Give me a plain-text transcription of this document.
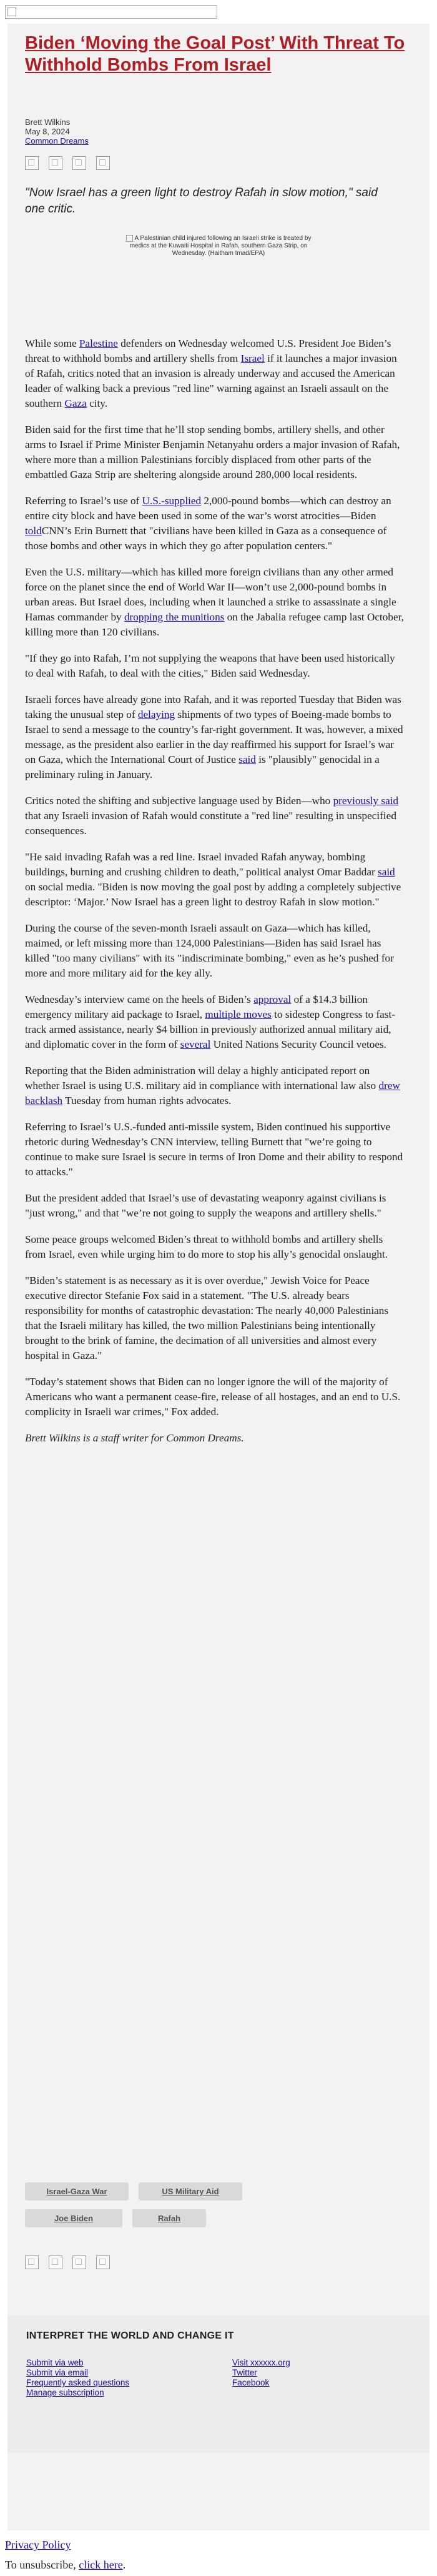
Biden ‘Moving the Goal Post’ With Threat To Withhold Bombs From Israel
Brett Wilkins
May 8, 2024
Common Dreams
"Now Israel has a green light to destroy Rafah in slow motion," said one critic.
A Palestinian child injured following an Israeli strike is treated by medics at the Kuwaiti Hospital in Rafah, southern Gaza Strip, on Wednesday. (Haitham Imad/EPA)

While some Palestine defenders on Wednesday welcomed U.S. President Joe Biden’s threat to withhold bombs and artillery shells from Israel if it launches a major invasion of Rafah, critics noted that an invasion is already underway and accused the American leader of walking back a previous "red line" warning against an Israeli assault on the southern Gaza city.

Biden said for the first time that he’ll stop sending bombs, artillery shells, and other arms to Israel if Prime Minister Benjamin Netanyahu orders a major invasion of Rafah, where more than a million Palestinians forcibly displaced from other parts of the embattled Gaza Strip are sheltering alongside around 280,000 local residents.

Referring to Israel’s use of U.S.-supplied 2,000-pound bombs—which can destroy an entire city block and have been used in some of the war’s worst atrocities—Biden toldCNN’s Erin Burnett that "civilians have been killed in Gaza as a consequence of those bombs and other ways in which they go after population centers."

Even the U.S. military—which has killed more foreign civilians than any other armed force on the planet since the end of World War II—won’t use 2,000-pound bombs in urban areas. But Israel does, including when it launched a strike to assassinate a single Hamas commander by dropping the munitions on the Jabalia refugee camp last October, killing more than 120 civilians.

"If they go into Rafah, I’m not supplying the weapons that have been used historically to deal with Rafah, to deal with the cities," Biden said Wednesday.

Israeli forces have already gone into Rafah, and it was reported Tuesday that Biden was taking the unusual step of delaying shipments of two types of Boeing-made bombs to Israel to send a message to the country’s far-right government. It was, however, a mixed message, as the president also earlier in the day reaffirmed his support for Israel’s war on Gaza, which the International Court of Justice said is "plausibly" genocidal in a preliminary ruling in January.

Critics noted the shifting and subjective language used by Biden—who previously said that any Israeli invasion of Rafah would constitute a "red line" resulting in unspecified consequences.

"He said invading Rafah was a red line. Israel invaded Rafah anyway, bombing buildings, burning and crushing children to death," political analyst Omar Baddar said on social media. "Biden is now moving the goal post by adding a completely subjective descriptor: ‘Major.’ Now Israel has a green light to destroy Rafah in slow motion."

During the course of the seven-month Israeli assault on Gaza—which has killed, maimed, or left missing more than 124,000 Palestinians—Biden has said Israel has killed "too many civilians" with its "indiscriminate bombing," even as he’s pushed for more and more military aid for the key ally.

Wednesday’s interview came on the heels of Biden’s approval of a $14.3 billion emergency military aid package to Israel, multiple moves to sidestep Congress to fast-track armed assistance, nearly $4 billion in previously authorized annual military aid, and diplomatic cover in the form of several United Nations Security Council vetoes.

Reporting that the Biden administration will delay a highly anticipated report on whether Israel is using U.S. military aid in compliance with international law also drew backlash Tuesday from human rights advocates.

Referring to Israel’s U.S.-funded anti-missile system, Biden continued his supportive rhetoric during Wednesday’s CNN interview, telling Burnett that "we’re going to continue to make sure Israel is secure in terms of Iron Dome and their ability to respond to attacks."

But the president added that Israel’s use of devastating weaponry against civilians is "just wrong," and that "we’re not going to supply the weapons and artillery shells."

Some peace groups welcomed Biden’s threat to withhold bombs and artillery shells from Israel, even while urging him to do more to stop his ally’s genocidal onslaught.

"Biden’s statement is as necessary as it is over overdue," Jewish Voice for Peace executive director Stefanie Fox said in a statement. "The U.S. already bears responsibility for months of catastrophic devastation: The nearly 40,000 Palestinians that the Israeli military has killed, the two million Palestinians being intentionally brought to the brink of famine, the decimation of all universities and almost every hospital in Gaza."

"Today’s statement shows that Biden can no longer ignore the will of the majority of Americans who want a permanent cease-fire, release of all hostages, and an end to U.S. complicity in Israeli war crimes," Fox added.

Brett Wilkins is a staff writer for Common Dreams.

Israel-Gaza War	US Military Aid
Joe Biden	Rafah
INTERPRET THE WORLD AND CHANGE IT
Submit via web
Submit via email
Frequently asked questions
Manage subscription
Visit xxxxxx.org
Twitter
Facebook
Privacy Policy
To unsubscribe, click here.
